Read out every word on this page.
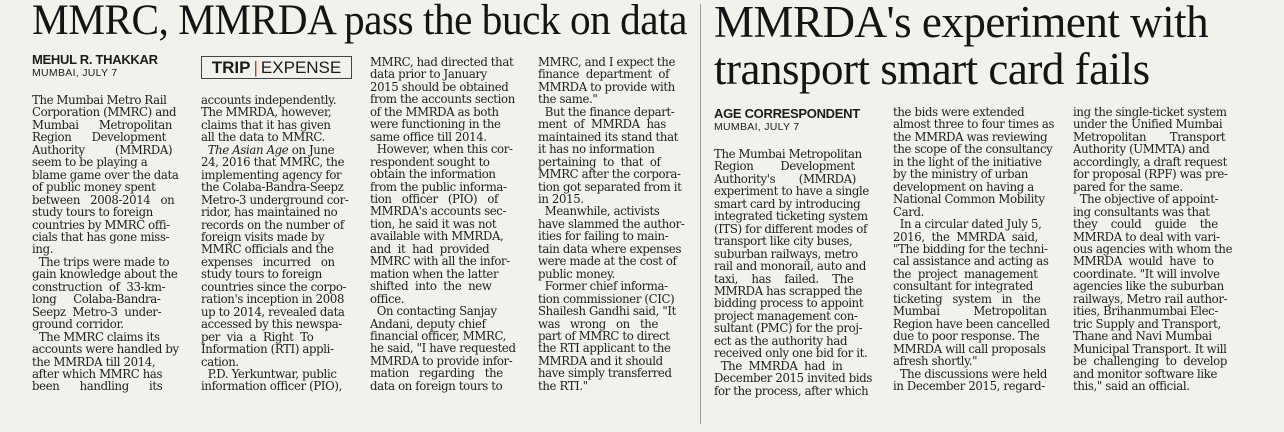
MMRC, MMRDA pass the buck on data
MEHUL R. THAKKAR
MUMBAI, JULY 7	TRIP | EXPENSE
The Mumbai Metro Rail
Corporation (MMRC) and
Mumbai      Metropolitan
Region      Development
Authority         (MMRDA)
seem to be playing a
blame game over the data
of public money spent
between   2008-2014   on
study tours to foreign
countries by MMRC offi-
cials that has gone miss-
ing.
The trips were made to
gain knowledge about the
construction  of  33-km-
long     Colaba-Bandra-
Seepz  Metro-3  under-
ground corridor.
The MMRC claims its
accounts were handled by
the MMRDA till 2014,
after which MMRC has
been      handling      its
accounts independently.
The MMRDA, however,
claims that it has given
all the data to MMRC.
The Asian Age on June
24, 2016 that MMRC, the
implementing agency for
the Colaba-Bandra-Seepz
Metro-3 underground cor-
ridor, has maintained no
records on the number of
foreign visits made by
MMRC officials and the
expenses   incurred   on
study tours to foreign
countries since the corpo-
ration's inception in 2008
up to 2014, revealed data
accessed by this newspa-
per  via  a  Right  To
Information (RTI) appli-
cation.
P.D. Yerkuntwar, public
information officer (PIO),
MMRC, had directed that
data prior to January
2015 should be obtained
from the accounts section
of the MMRDA as both
were functioning in the
same office till 2014.
However, when this cor-
respondent sought to
obtain the information
from the public informa-
tion   officer   (PIO)   of
MMRDA's accounts sec-
tion, he said it was not
available with MMRDA,
and  it  had  provided
MMRC with all the infor-
mation when the latter
shifted  into  the  new
office.
On contacting Sanjay
Andani, deputy chief
financial officer, MMRC,
he said, "I have requested
MMRDA to provide infor-
mation   regarding   the
data on foreign tours to
MMRC, and I expect the
finance  department  of
MMRDA to provide with
the same."
But the finance depart-
ment  of  MMRDA  has
maintained its stand that
it has no information
pertaining  to  that  of
MMRC after the corpora-
tion got separated from it
in 2015.
Meanwhile, activists
have slammed the author-
ities for failing to main-
tain data where expenses
were made at the cost of
public money.
Former chief informa-
tion commissioner (CIC)
Shailesh Gandhi said, "It
was   wrong   on   the
part of MMRC to direct
the RTI applicant to the
MMRDA and it should
have simply transferred
the RTI."
MMRDA's experiment with
transport smart card fails
AGE CORRESPONDENT
MUMBAI, JULY 7
The Mumbai Metropolitan
Region        Development
Authority's       (MMRDA)
experiment to have a single
smart card by introducing
integrated ticketing system
(ITS) for different modes of
transport like city buses,
suburban railways, metro
rail and monorail, auto and
taxi,    has    failed.    The
MMRDA has scrapped the
bidding process to appoint
project management con-
sultant (PMC) for the proj-
ect as the authority had
received only one bid for it.
The  MMRDA  had  in
December 2015 invited bids
for the process, after which
the bids were extended
almost three to four times as
the MMRDA was reviewing
the scope of the consultancy
in the light of the initiative
by the ministry of urban
development on having a
National Common Mobility
Card.
In a circular dated July 5,
2016,  the  MMRDA  said,
"The bidding for the techni-
cal assistance and acting as
the  project  management
consultant for integrated
ticketing   system   in   the
Mumbai          Metropolitan
Region have been cancelled
due to poor response. The
MMRDA will call proposals
afresh shortly."
The discussions were held
in December 2015, regard-
ing the single-ticket system
under the Unified Mumbai
Metropolitan       Transport
Authority (UMMTA) and
accordingly, a draft request
for proposal (RPF) was pre-
pared for the same.
The objective of appoint-
ing consultants was that
they    could    guide    the
MMRDA to deal with vari-
ous agencies with whom the
MMRDA  would  have  to
coordinate. "It will involve
agencies like the suburban
railways, Metro rail author-
ities, Brihanmumbai Elec-
tric Supply and Transport,
Thane and Navi Mumbai
Municipal Transport. It will
be  challenging  to  develop
and monitor software like
this," said an official.
